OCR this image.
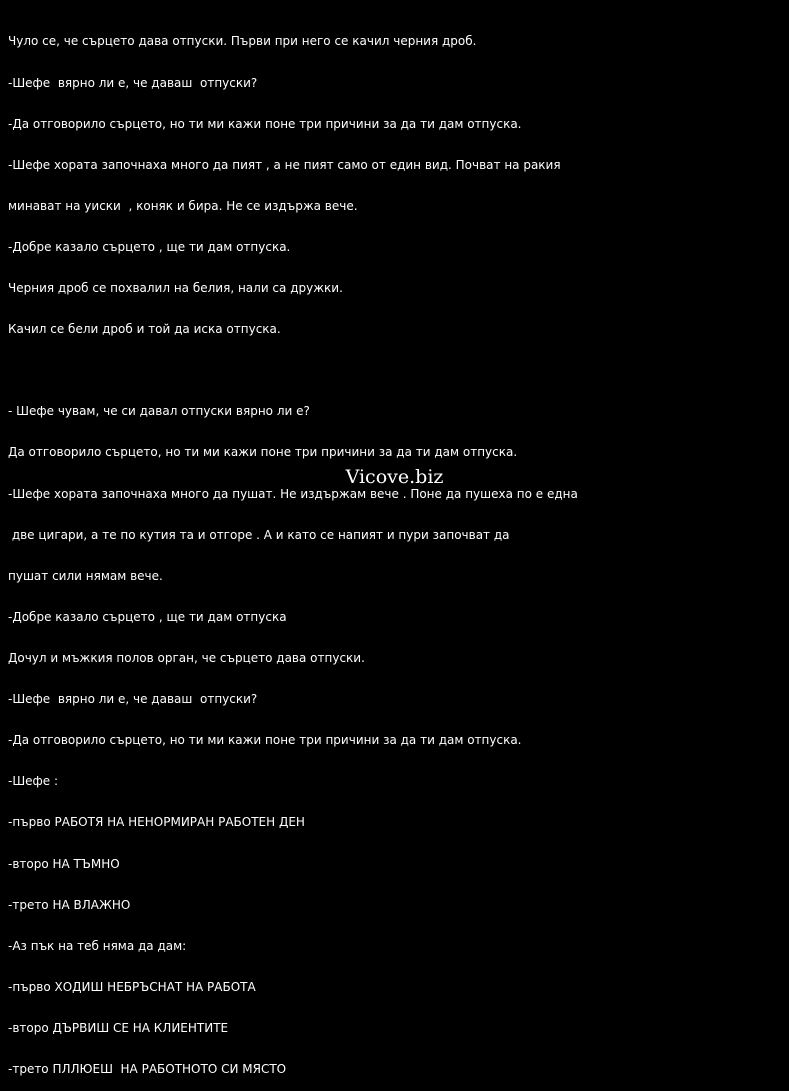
Чуло се, че сърцето дава отпуски. Първи при него се качил черния дроб.

-Шефе  вярно ли е, че даваш  отпуски?

-Да отговорило сърцето, но ти ми кажи поне три причини за да ти дам отпуска.

-Шефе хората започнаха много да пият , а не пият само от един вид. Почват на ракия

минават на уиски  , коняк и бира. Не се издържа вече.

-Добре казало сърцето , ще ти дам отпуска.

Черния дроб се похвалил на белия, нали са дружки.

Качил се бели дроб и той да иска отпуска.

- Шефе чувам, че си давал отпуски вярно ли е?

Да отговорило сърцето, но ти ми кажи поне три причини за да ти дам отпуска.

-Шефе хората започнаха много да пушат. Не издържам вече . Поне да пушеха по е една

две цигари, а те по кутия та и отгоре . А и като се напият и пури започват да

пушат сили нямам вече.

-Добре казало сърцето , ще ти дам отпуска

Дочул и мъжкия полов орган, че сърцето дава отпуски.

-Шефе  вярно ли е, че даваш  отпуски?

-Да отговорило сърцето, но ти ми кажи поне три причини за да ти дам отпуска.

-Шефе :

-първо РАБОТЯ НА НЕНОРМИРАН РАБОТЕН ДЕН

-второ НА ТЪМНО

-трето НА ВЛАЖНО

-Аз пък на теб няма да дам:

-първо ХОДИШ НЕБРЪСНАТ НА РАБОТА

-второ ДЪРВИШ СЕ НА КЛИЕНТИТЕ

-трето ПЛЛЮЕШ  НА РАБОТНОТО СИ МЯСТО

Vicove.biz
